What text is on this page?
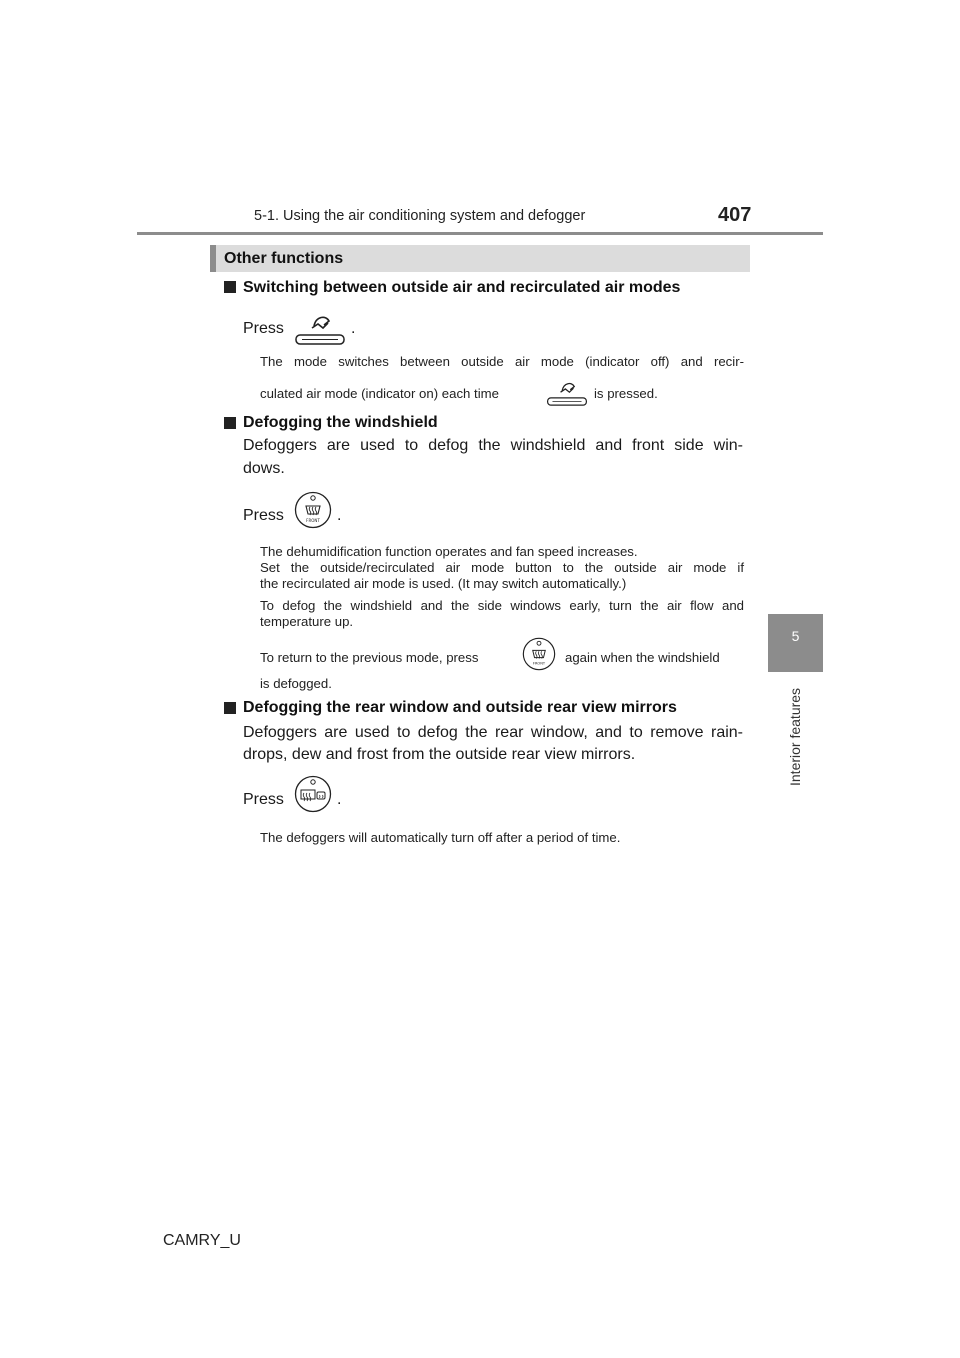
5-1. Using the air conditioning system and defogger	407
5
Interior features
Other functions
Switching between outside air and recirculated air modes
Press	.
The mode switches between outside air mode (indicator off) and recir-
culated air mode (indicator on) each time	is pressed.
Defogging the windshield
Defoggers are used to defog the windshield and front side win-
dows.
Press	FRONT .
The dehumidification function operates and fan speed increases.
Set the outside/recirculated air mode button to the outside air mode if
the recirculated air mode is used. (It may switch automatically.)
To defog the windshield and the side windows early, turn the air flow and
temperature up.
To return to the previous mode, press	FRONT again when the windshield
is defogged.
Defogging the rear window and outside rear view mirrors
Defoggers are used to defog the rear window, and to remove rain-
drops, dew and frost from the outside rear view mirrors.
Press	.
The defoggers will automatically turn off after a period of time.
CAMRY_U
